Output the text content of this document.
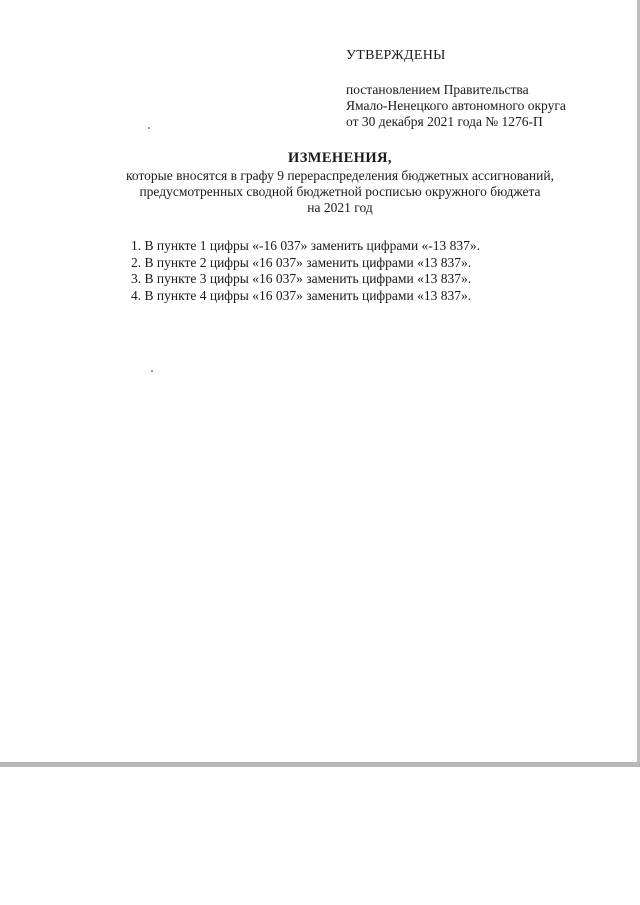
УТВЕРЖДЕНЫ
постановлением Правительства
Ямало-Ненецкого автономного округа
от 30 декабря 2021 года № 1276-П
ИЗМЕНЕНИЯ,
которые вносятся в графу 9 перераспределения бюджетных ассигнований,
предусмотренных сводной бюджетной росписью окружного бюджета
на 2021 год
1. В пункте 1 цифры «-16 037» заменить цифрами «-13 837».
2. В пункте 2 цифры «16 037» заменить цифрами «13 837».
3. В пункте 3 цифры «16 037» заменить цифрами «13 837».
4. В пункте 4 цифры «16 037» заменить цифрами «13 837».
